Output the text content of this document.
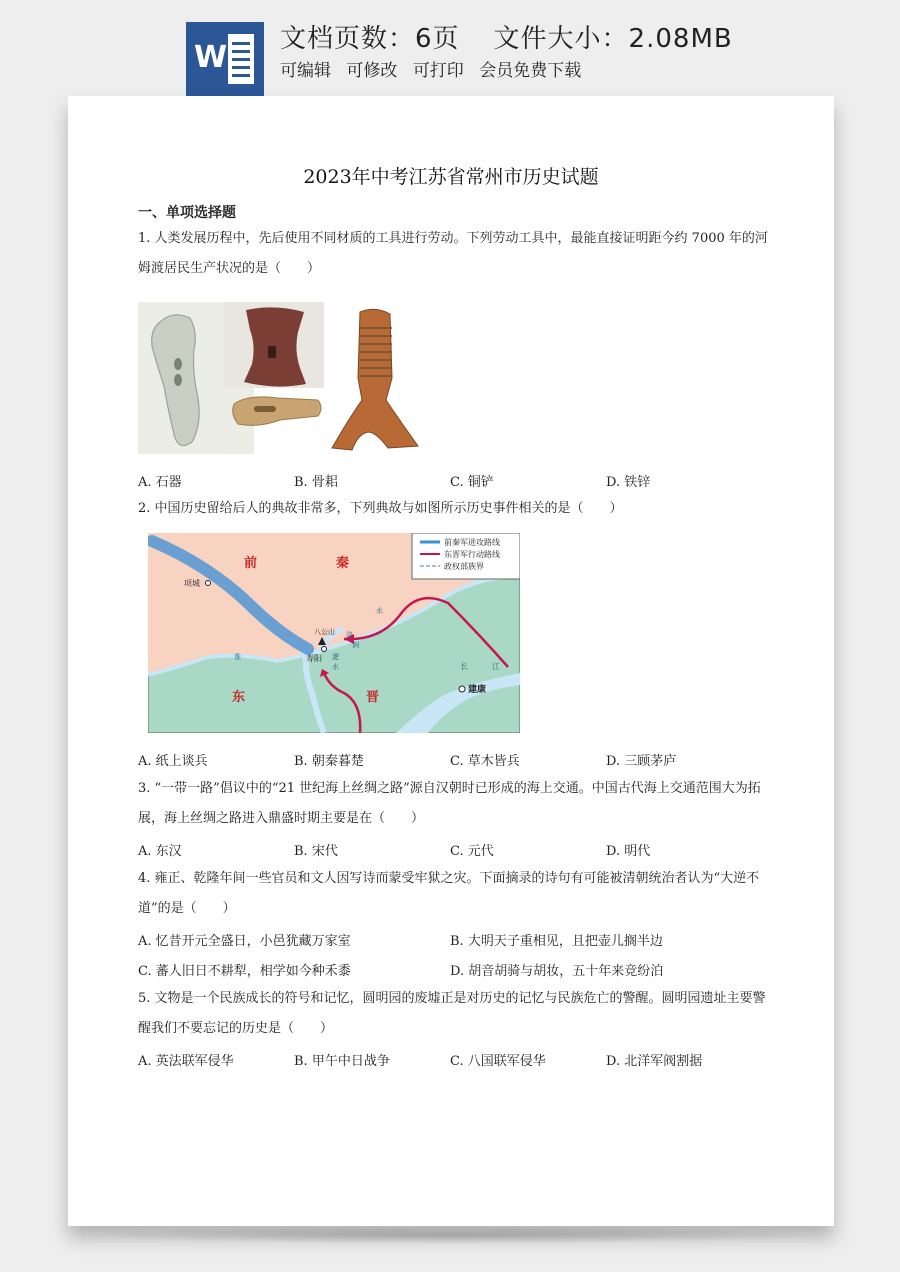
W
文档页数：6页 文件大小：2.08MB
可编辑 可修改 可打印 会员免费下载
2023年中考江苏省常州市历史试题
一、单项选择题
1. 人类发展历程中，先后使用不同材质的工具进行劳动。下列劳动工具中，最能直接证明距今约 7000 年的河姆渡居民生产状况的是（　　）
A. 石器	B. 骨耜	C. 铜铲	D. 铁锌
2. 中国历史留给后人的典故非常多，下列典故与如图所示历史事件相关的是（　　）
前秦军进攻路线
东晋军行动路线
政权部族界
前	秦
东	晋
项城
八公山
寿阳
建康
长	江
淮
水
洛
涧
淝
水
A. 纸上谈兵	B. 朝秦暮楚	C. 草木皆兵	D. 三顾茅庐
3. “一带一路”倡议中的“21 世纪海上丝绸之路”源自汉朝时已形成的海上交通。中国古代海上交通范围大为拓展，海上丝绸之路进入鼎盛时期主要是在（　　）
A. 东汉	B. 宋代	C. 元代	D. 明代
4. 雍正、乾隆年间一些官员和文人因写诗而蒙受牢狱之灾。下面摘录的诗句有可能被清朝统治者认为“大逆不道”的是（　　）
A. 忆昔开元全盛日，小邑犹藏万家室	B. 大明天子重相见，且把壶儿搁半边
C. 蕃人旧日不耕犁，相学如今种禾黍	D. 胡音胡骑与胡妆，五十年来竞纷泊
5. 文物是一个民族成长的符号和记忆，圆明园的废墟正是对历史的记忆与民族危亡的警醒。圆明园遗址主要警醒我们不要忘记的历史是（　　）
A. 英法联军侵华	B. 甲午中日战争	C. 八国联军侵华	D. 北洋军阀割据
